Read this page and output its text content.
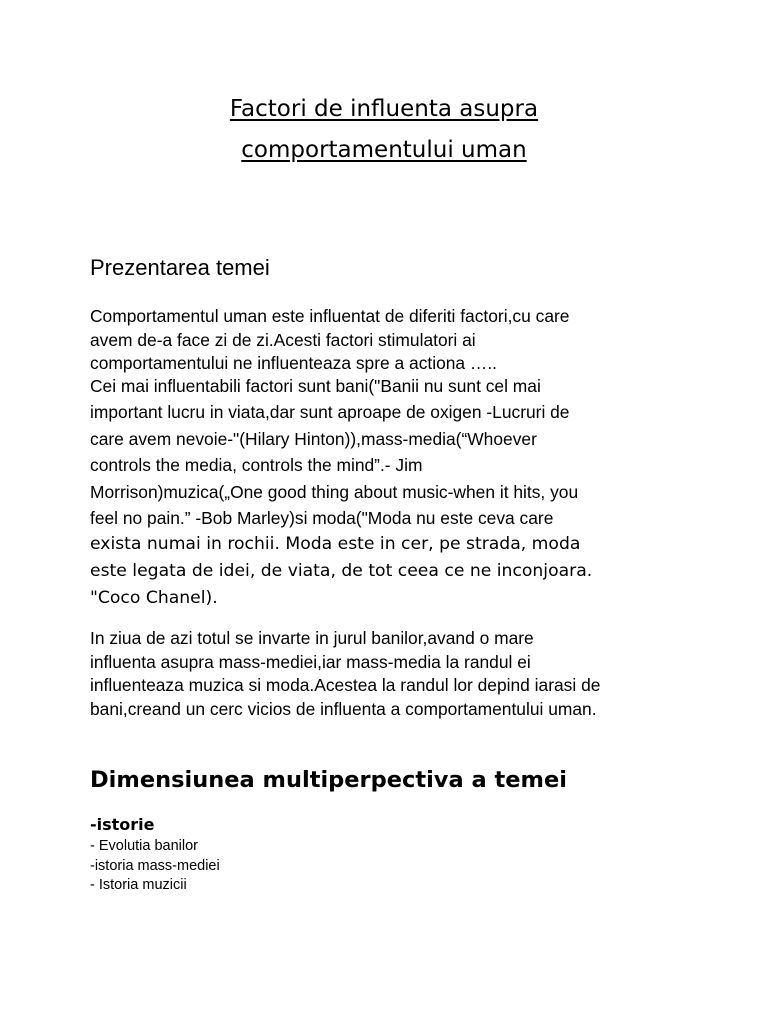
Factori de influenta asupra
comportamentului uman
Prezentarea temei
Comportamentul uman este influentat de diferiti factori,cu care
avem de-a face zi de zi.Acesti factori stimulatori ai
comportamentului ne influenteaza spre a actiona …..
Cei mai influentabili factori sunt bani("Banii nu sunt cel mai
important lucru in viata,dar sunt aproape de oxigen -Lucruri de
care avem nevoie-"(Hilary Hinton)),mass-media(“Whoever
controls the media, controls the mind”.- Jim
Morrison)muzica(„One good thing about music-when it hits, you
feel no pain.” -Bob Marley)si moda("Moda nu este ceva care
exista numai in rochii. Moda este in cer, pe strada, moda
este legata de idei, de viata, de tot ceea ce ne inconjoara.
"Coco Chanel).
In ziua de azi totul se invarte in jurul banilor,avand o mare
influenta asupra mass-mediei,iar mass-media la randul ei
influenteaza muzica si moda.Acestea la randul lor depind iarasi de
bani,creand un cerc vicios de influenta a comportamentului uman.
Dimensiunea multiperpectiva a temei
-istorie
- Evolutia banilor
-istoria mass-mediei
- Istoria muzicii
